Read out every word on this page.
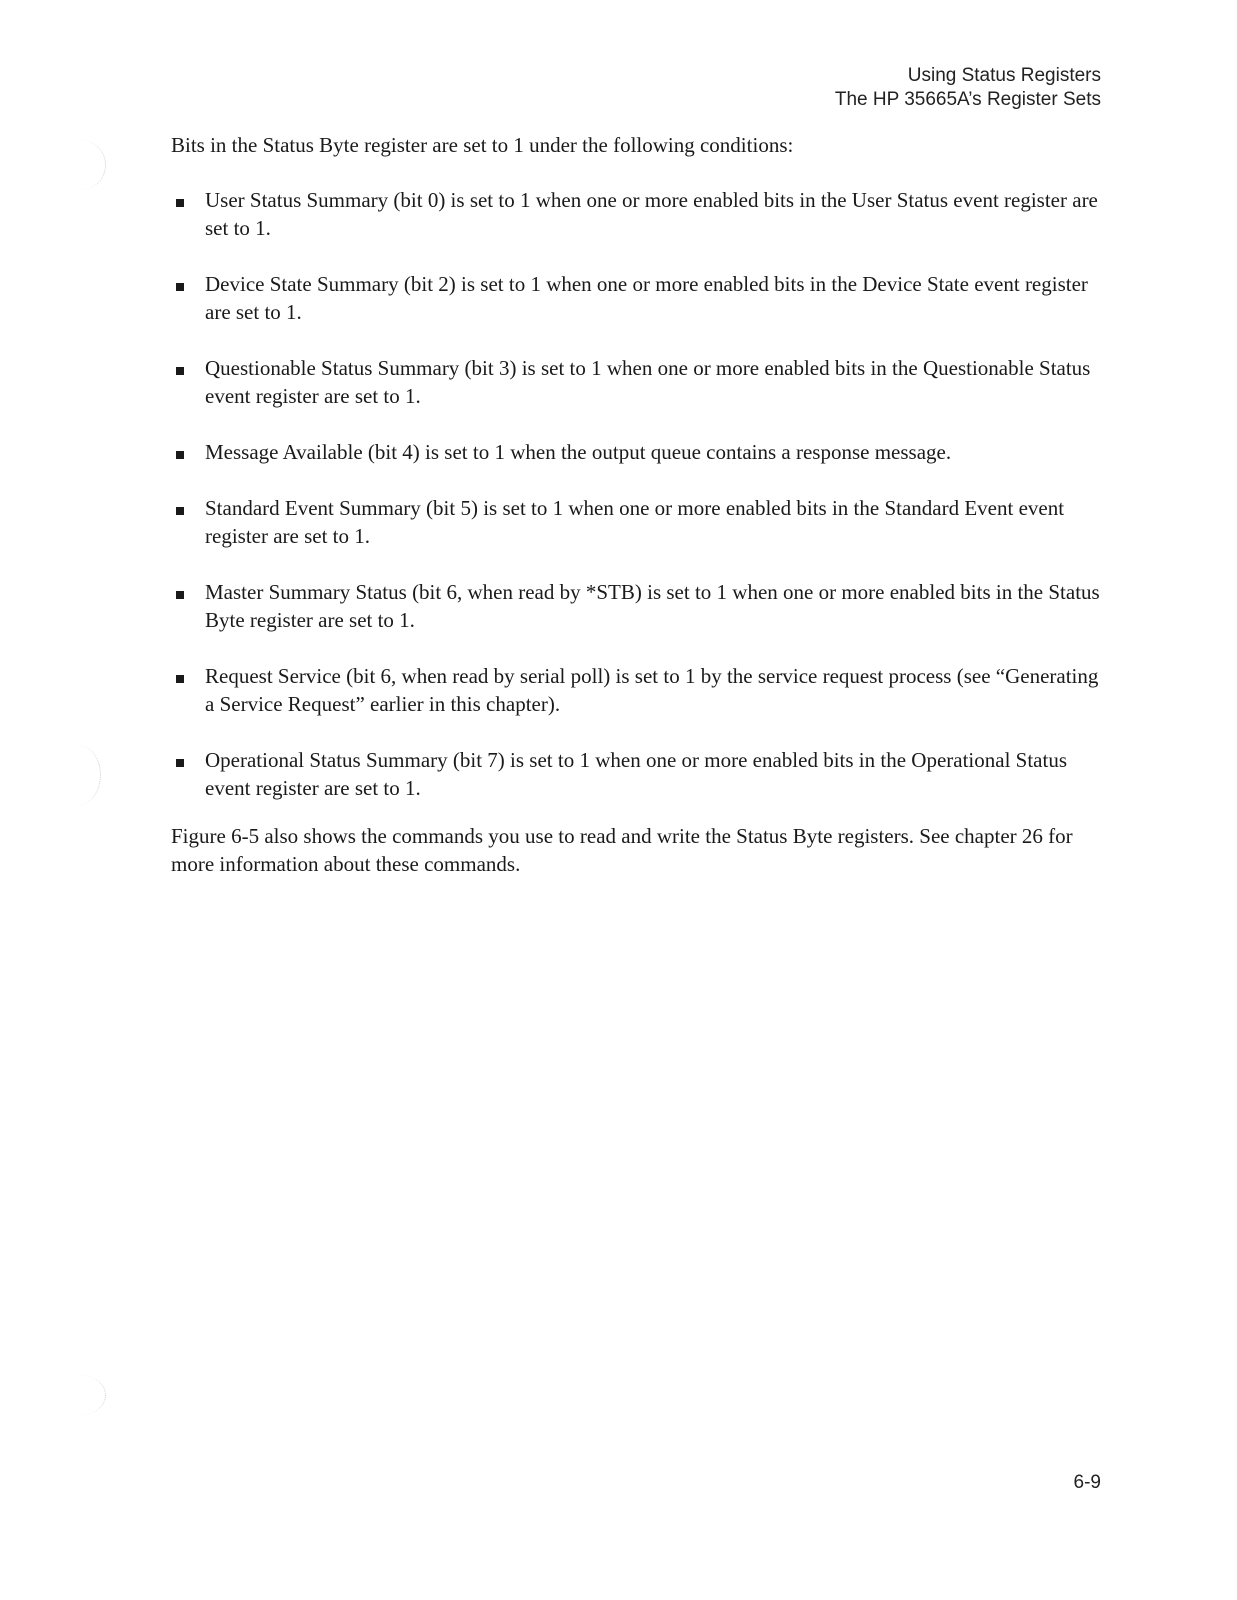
Using Status Registers
The HP 35665A’s Register Sets

Bits in the Status Byte register are set to 1 under the following conditions:

User Status Summary (bit 0) is set to 1 when one or more enabled bits in the User Status event register are set to 1.
Device State Summary (bit 2) is set to 1 when one or more enabled bits in the Device State event register are set to 1.
Questionable Status Summary (bit 3) is set to 1 when one or more enabled bits in the Questionable Status event register are set to 1.
Message Available (bit 4) is set to 1 when the output queue contains a response message.
Standard Event Summary (bit 5) is set to 1 when one or more enabled bits in the Standard Event event register are set to 1.
Master Summary Status (bit 6, when read by *STB) is set to 1 when one or more enabled bits in the Status Byte register are set to 1.
Request Service (bit 6, when read by serial poll) is set to 1 by the service request process (see “Generating a Service Request” earlier in this chapter).
Operational Status Summary (bit 7) is set to 1 when one or more enabled bits in the Operational Status event register are set to 1.

Figure 6-5 also shows the commands you use to read and write the Status Byte registers. See chapter 26 for more information about these commands.

6-9
